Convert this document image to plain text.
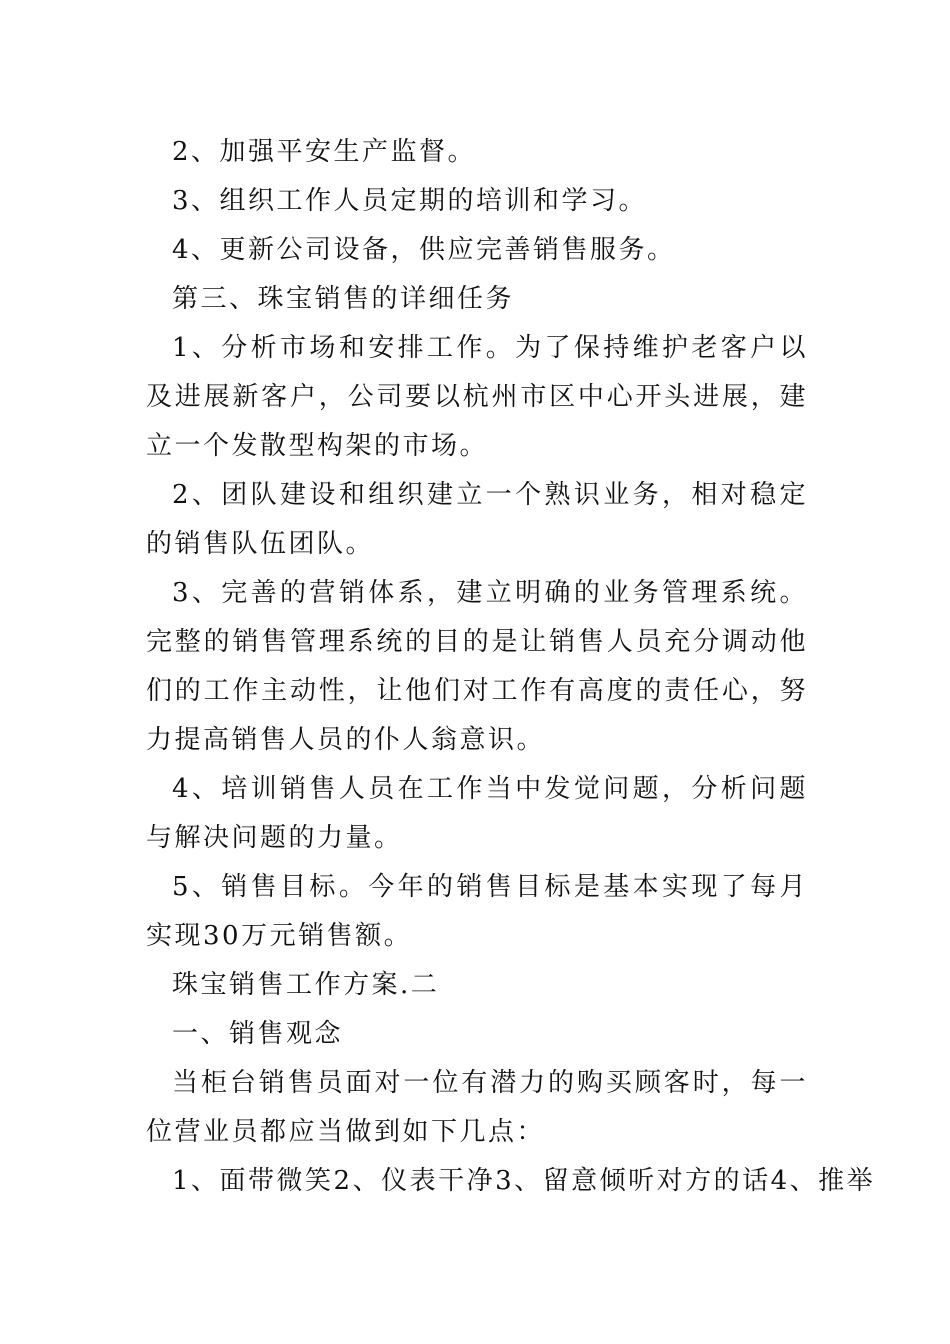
2、加强平安生产监督。

3、组织工作人员定期的培训和学习。

4、更新公司设备，供应完善销售服务。

第三、珠宝销售的详细任务

1、分析市场和安排工作。为了保持维护老客户以及进展新客户，公司要以杭州市区中心开头进展，建立一个发散型构架的市场。

2、团队建设和组织建立一个熟识业务，相对稳定的销售队伍团队。

3、完善的营销体系，建立明确的业务管理系统。完整的销售管理系统的目的是让销售人员充分调动他们的工作主动性，让他们对工作有高度的责任心，努力提高销售人员的仆人翁意识。

4、培训销售人员在工作当中发觉问题，分析问题与解决问题的力量。

5、销售目标。今年的销售目标是基本实现了每月实现30万元销售额。

珠宝销售工作方案.二

一、销售观念

当柜台销售员面对一位有潜力的购买顾客时，每一位营业员都应当做到如下几点：

1、面带微笑2、仪表干净3、留意倾听对方的话4、推举
